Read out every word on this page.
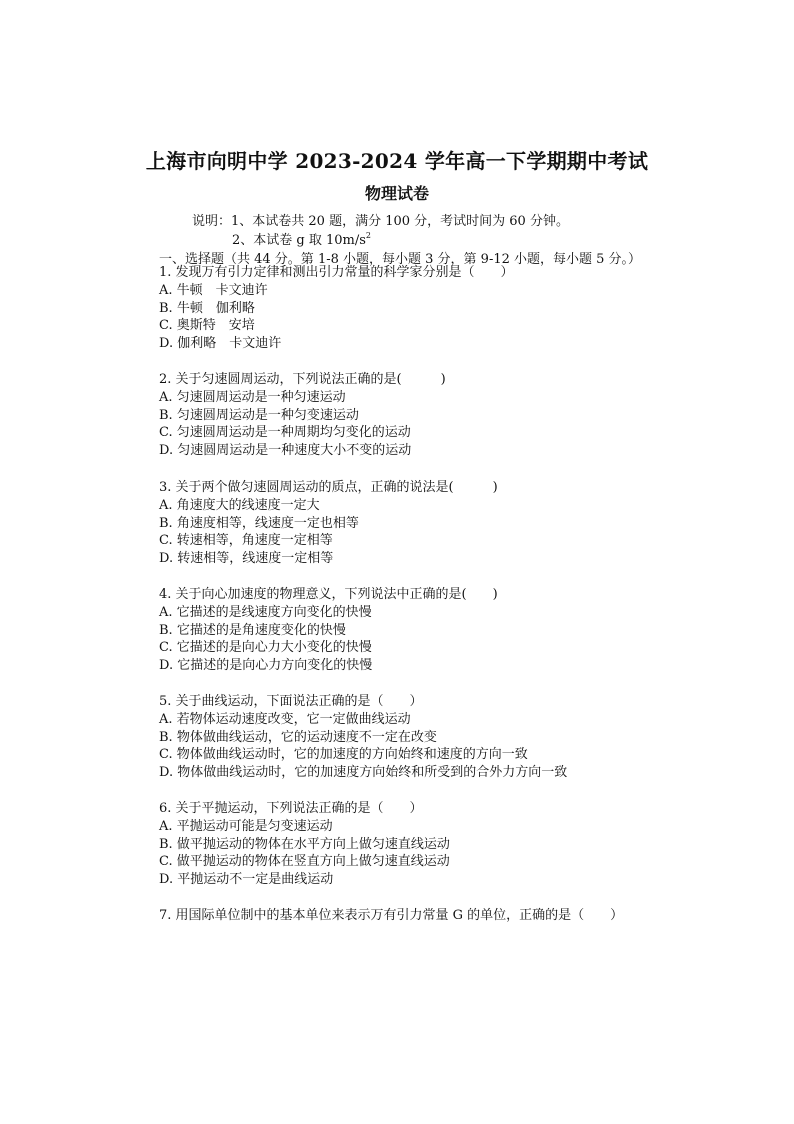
上海市向明中学 2023-2024 学年高一下学期期中考试
物理试卷
说明：1、本试卷共 20 题，满分 100 分，考试时间为 60 分钟。
2、本试卷 g 取 $10m/s^2$
一、选择题（共 44 分。第 1-8 小题，每小题 3 分，第 9-12 小题，每小题 5 分。）
1. 发现万有引力定律和测出引力常量的科学家分别是（　　）
A. 牛顿　卡文迪许
B. 牛顿　伽利略
C. 奥斯特　安培
D. 伽利略　卡文迪许
2. 关于匀速圆周运动，下列说法正确的是(　　　)
A. 匀速圆周运动是一种匀速运动
B. 匀速圆周运动是一种匀变速运动
C. 匀速圆周运动是一种周期均匀变化的运动
D. 匀速圆周运动是一种速度大小不变的运动
3. 关于两个做匀速圆周运动的质点，正确的说法是(　　　)
A. 角速度大的线速度一定大
B. 角速度相等，线速度一定也相等
C. 转速相等，角速度一定相等
D. 转速相等，线速度一定相等
4. 关于向心加速度的物理意义，下列说法中正确的是(　　)
A. 它描述的是线速度方向变化的快慢
B. 它描述的是角速度变化的快慢
C. 它描述的是向心力大小变化的快慢
D. 它描述的是向心力方向变化的快慢
5. 关于曲线运动，下面说法正确的是（　　）
A. 若物体运动速度改变，它一定做曲线运动
B. 物体做曲线运动，它的运动速度不一定在改变
C. 物体做曲线运动时，它的加速度的方向始终和速度的方向一致
D. 物体做曲线运动时，它的加速度方向始终和所受到的合外力方向一致
6. 关于平抛运动，下列说法正确的是（　　）
A. 平抛运动可能是匀变速运动
B. 做平抛运动的物体在水平方向上做匀速直线运动
C. 做平抛运动的物体在竖直方向上做匀速直线运动
D. 平抛运动不一定是曲线运动
7. 用国际单位制中的基本单位来表示万有引力常量 G 的单位，正确的是（　　）
